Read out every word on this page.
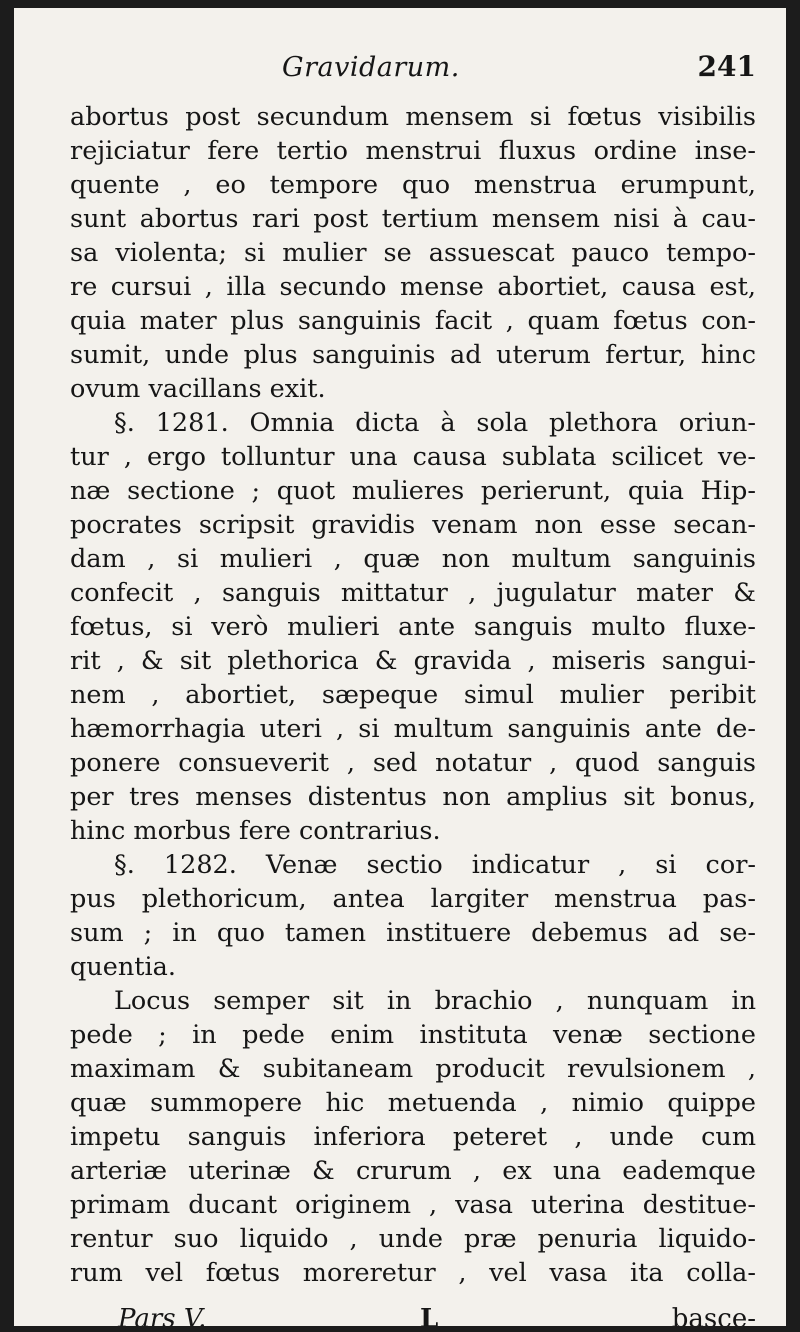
Gravidarum.	241
abortus post secundum mensem si fœtus visibilis
rejiciatur fere tertio menstrui fluxus ordine inse-
quente , eo tempore quo menstrua erumpunt,
sunt abortus rari post tertium mensem nisi à cau-
sa violenta; si mulier se assuescat pauco tempo-
re cursui , illa secundo mense abortiet, causa est,
quia mater plus sanguinis facit , quam fœtus con-
sumit, unde plus sanguinis ad uterum fertur, hinc
ovum vacillans exit.
§. 1281. Omnia dicta à sola plethora oriun-
tur , ergo tolluntur una causa sublata scilicet ve-
næ sectione ; quot mulieres perierunt, quia Hip-
pocrates scripsit gravidis venam non esse secan-
dam , si mulieri , quæ non multum sanguinis
confecit , sanguis mittatur , jugulatur mater &
fœtus, si verò mulieri ante sanguis multo fluxe-
rit , & sit plethorica & gravida , miseris sangui-
nem , abortiet, sæpeque simul mulier peribit
hæmorrhagia uteri , si multum sanguinis ante de-
ponere consueverit , sed notatur , quod sanguis
per tres menses distentus non amplius sit bonus,
hinc morbus fere contrarius.
§. 1282. Venæ sectio indicatur , si cor-
pus plethoricum, antea largiter menstrua pas-
sum ; in quo tamen instituere debemus ad se-
quentia.
Locus semper sit in brachio , nunquam in
pede ; in pede enim instituta venæ sectione
maximam & subitaneam producit revulsionem ,
quæ summopere hic metuenda , nimio quippe
impetu sanguis inferiora peteret , unde cum
arteriæ uterinæ & crurum , ex una eademque
primam ducant originem , vasa uterina destitue-
rentur suo liquido , unde præ penuria liquido-
rum vel fœtus moreretur , vel vasa ita colla-
Pars V.	L	basce-
